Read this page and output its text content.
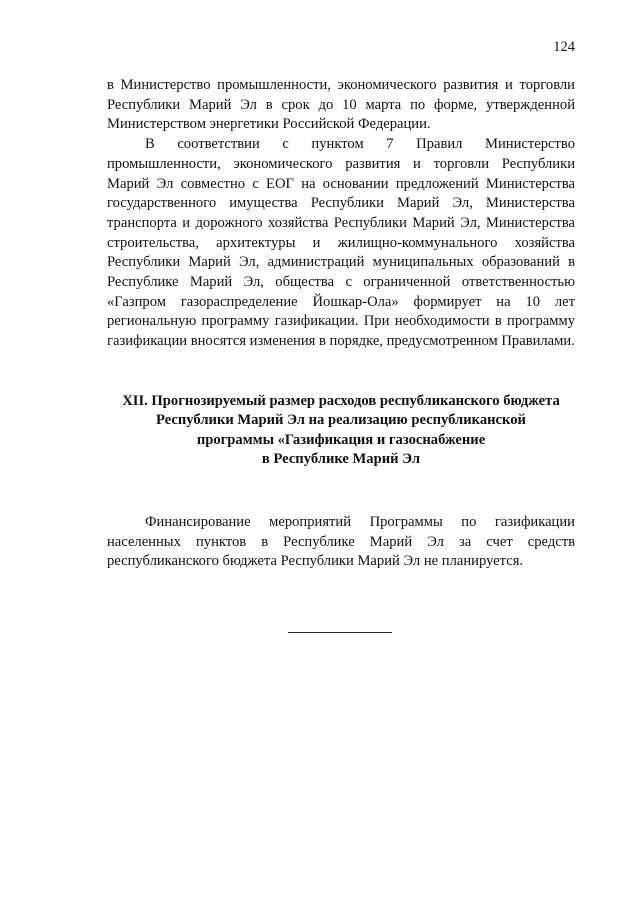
124

в Министерство промышленности, экономического развития и торговли Республики Марий Эл в срок до 10 марта по форме, утвержденной Министерством энергетики Российской Федерации.

В соответствии с пунктом 7 Правил Министерство промышленности, экономического развития и торговли Республики Марий Эл совместно с ЕОГ на основании предложений Министерства государственного имущества Республики Марий Эл, Министерства транспорта и дорожного хозяйства Республики Марий Эл, Министерства строительства, архитектуры и жилищно-коммунального хозяйства Республики Марий Эл, администраций муниципальных образований в Республике Марий Эл, общества с ограниченной ответственностью «Газпром газораспределение Йошкар-Ола» формирует на 10 лет региональную программу газификации. При необходимости в программу газификации вносятся изменения в порядке, предусмотренном Правилами.

XII. Прогнозируемый размер расходов республиканского бюджета
Республики Марий Эл на реализацию республиканской
программы «Газификация и газоснабжение
в Республике Марий Эл

Финансирование мероприятий Программы по газификации населенных пунктов в Республике Марий Эл за счет средств республиканского бюджета Республики Марий Эл не планируется.
